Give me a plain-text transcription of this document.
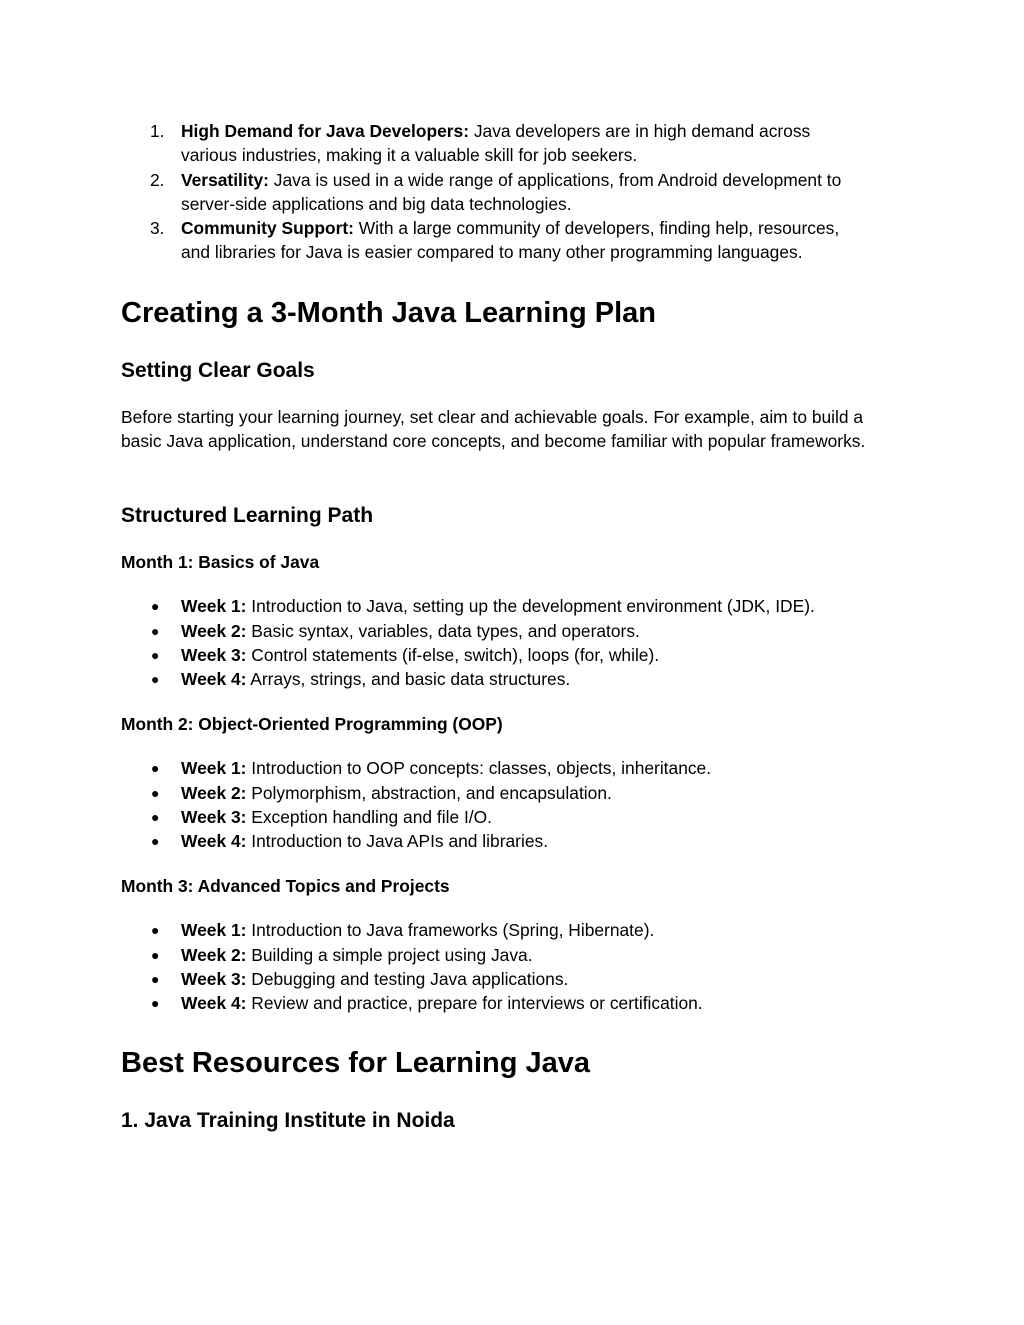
1. High Demand for Java Developers: Java developers are in high demand across
various industries, making it a valuable skill for job seekers.
2. Versatility: Java is used in a wide range of applications, from Android development to
server-side applications and big data technologies.
3. Community Support: With a large community of developers, finding help, resources,
and libraries for Java is easier compared to many other programming languages.
Creating a 3-Month Java Learning Plan
Setting Clear Goals
Before starting your learning journey, set clear and achievable goals. For example, aim to build a basic Java application, understand core concepts, and become familiar with popular frameworks.
Structured Learning Path
Month 1: Basics of Java
● Week 1: Introduction to Java, setting up the development environment (JDK, IDE).
● Week 2: Basic syntax, variables, data types, and operators.
● Week 3: Control statements (if-else, switch), loops (for, while).
● Week 4: Arrays, strings, and basic data structures.
Month 2: Object-Oriented Programming (OOP)
● Week 1: Introduction to OOP concepts: classes, objects, inheritance.
● Week 2: Polymorphism, abstraction, and encapsulation.
● Week 3: Exception handling and file I/O.
● Week 4: Introduction to Java APIs and libraries.
Month 3: Advanced Topics and Projects
● Week 1: Introduction to Java frameworks (Spring, Hibernate).
● Week 2: Building a simple project using Java.
● Week 3: Debugging and testing Java applications.
● Week 4: Review and practice, prepare for interviews or certification.
Best Resources for Learning Java
1. Java Training Institute in Noida
